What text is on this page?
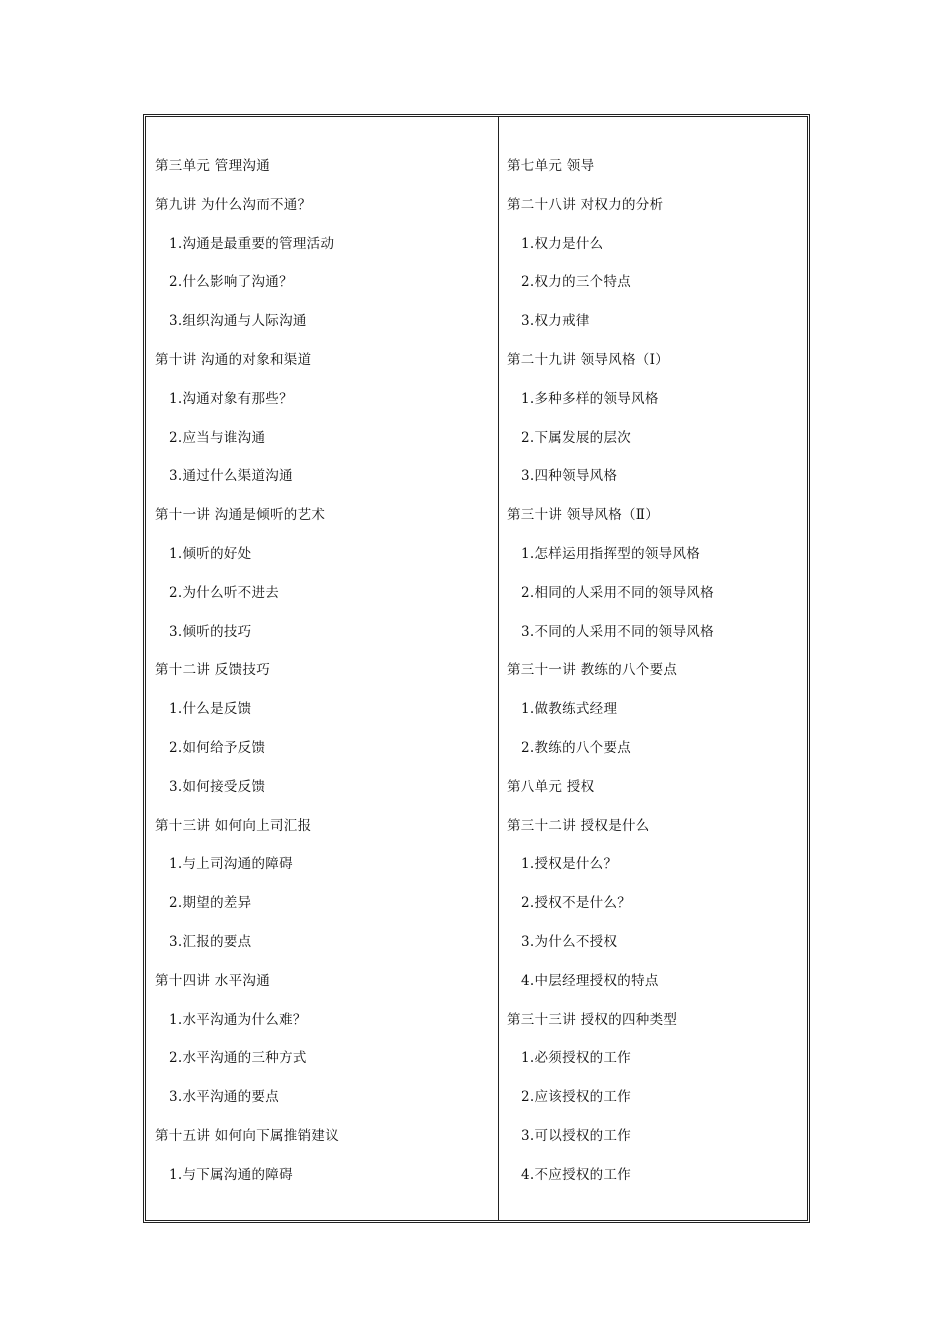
第三单元 管理沟通
第九讲 为什么沟而不通？
1.沟通是最重要的管理活动
2.什么影响了沟通？
3.组织沟通与人际沟通
第十讲 沟通的对象和渠道
1.沟通对象有那些？
2.应当与谁沟通
3.通过什么渠道沟通
第十一讲 沟通是倾听的艺术
1.倾听的好处
2.为什么听不进去
3.倾听的技巧
第十二讲 反馈技巧
1.什么是反馈
2.如何给予反馈
3.如何接受反馈
第十三讲 如何向上司汇报
1.与上司沟通的障碍
2.期望的差异
3.汇报的要点
第十四讲 水平沟通
1.水平沟通为什么难？
2.水平沟通的三种方式
3.水平沟通的要点
第十五讲 如何向下属推销建议
1.与下属沟通的障碍
第七单元 领导
第二十八讲 对权力的分析
1.权力是什么
2.权力的三个特点
3.权力戒律
第二十九讲 领导风格（Ⅰ）
1.多种多样的领导风格
2.下属发展的层次
3.四种领导风格
第三十讲 领导风格（Ⅱ）
1.怎样运用指挥型的领导风格
2.相同的人采用不同的领导风格
3.不同的人采用不同的领导风格
第三十一讲 教练的八个要点
1.做教练式经理
2.教练的八个要点
第八单元 授权
第三十二讲 授权是什么
1.授权是什么？
2.授权不是什么？
3.为什么不授权
4.中层经理授权的特点
第三十三讲 授权的四种类型
1.必须授权的工作
2.应该授权的工作
3.可以授权的工作
4.不应授权的工作
